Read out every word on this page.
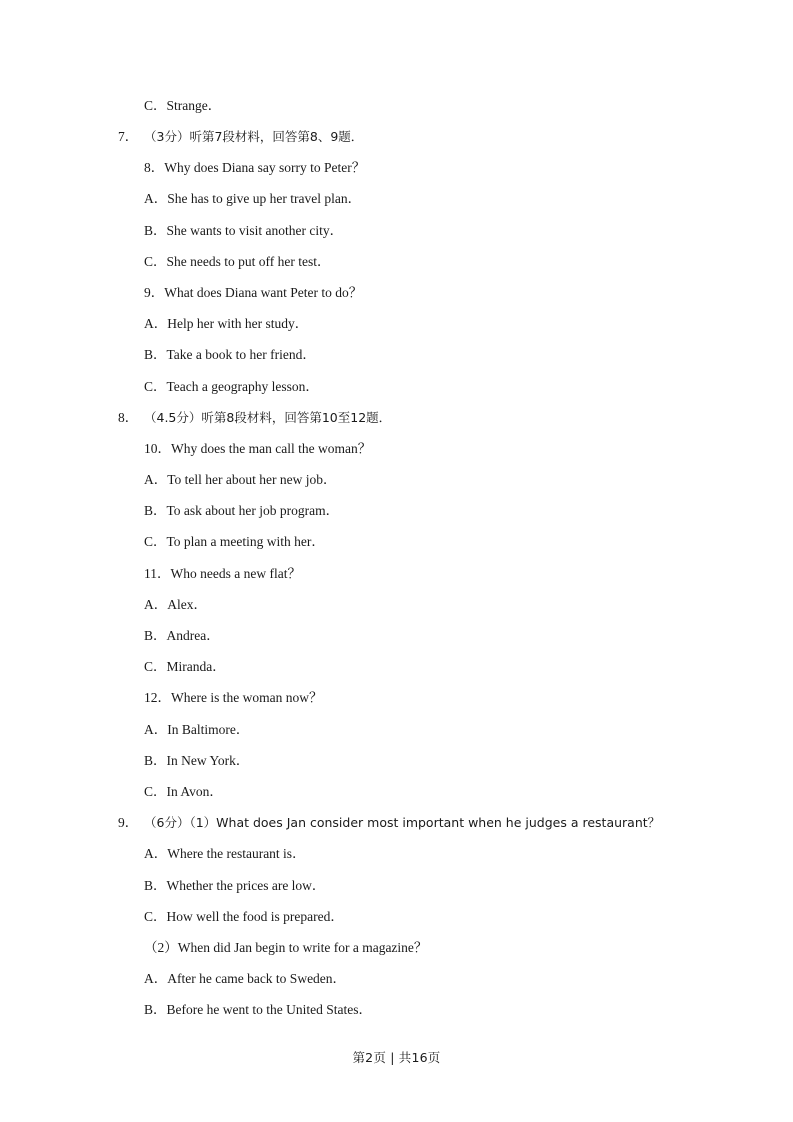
C．Strange．
7． （3分）听第7段材料，回答第8、9题．
8．Why does Diana say sorry to Peter？
A．She has to give up her travel plan．
B．She wants to visit another city．
C．She needs to put off her test．
9．What does Diana want Peter to do？
A．Help her with her study．
B．Take a book to her friend．
C．Teach a geography lesson．
8． （4.5分）听第8段材料，回答第10至12题．
10．Why does the man call the woman？
A．To tell her about her new job．
B．To ask about her job program．
C．To plan a meeting with her．
11．Who needs a new flat？
A．Alex．
B．Andrea．
C．Miranda．
12．Where is the woman now？
A．In Baltimore．
B．In New York．
C．In Avon．
9． （6分）（1）What does Jan consider most important when he judges a restaurant？
A．Where the restaurant is．
B．Whether the prices are low．
C．How well the food is prepared．
（2）When did Jan begin to write for a magazine？
A．After he came back to Sweden．
B．Before he went to the United States．
第2页 | 共16页
